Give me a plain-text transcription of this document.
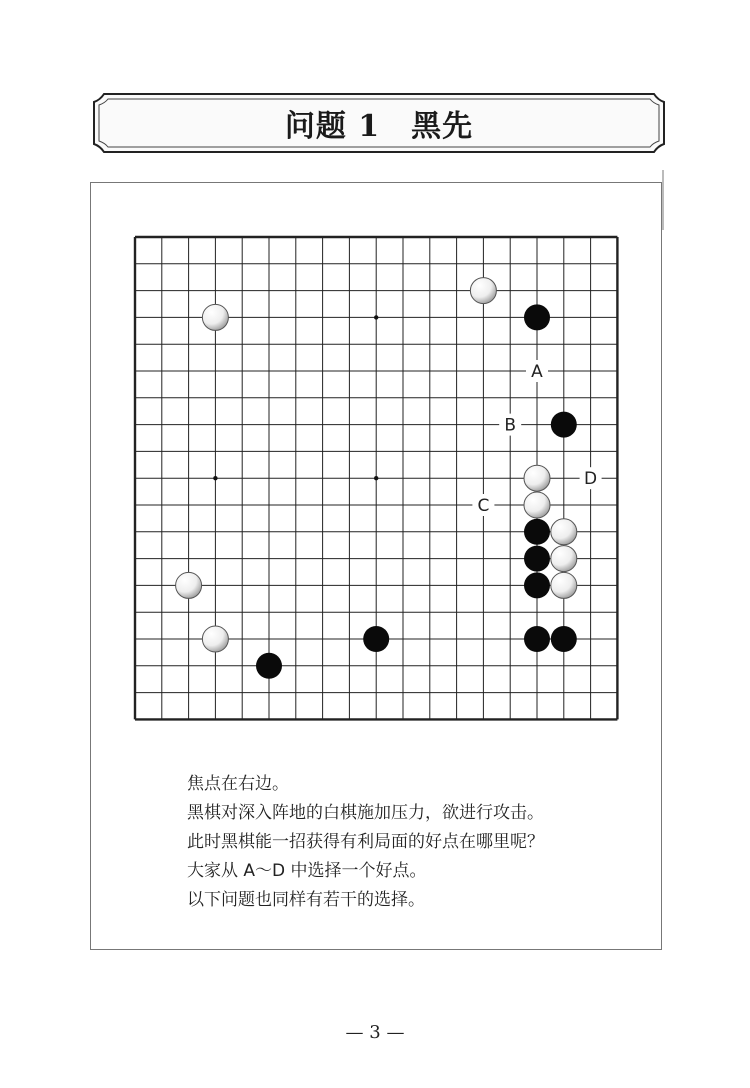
问题 1　黑先
A
B
C
D
焦点在右边。
黑棋对深入阵地的白棋施加压力，欲进行攻击。
此时黑棋能一招获得有利局面的好点在哪里呢？
大家从 A～D 中选择一个好点。
以下问题也同样有若干的选择。
— 3 —
